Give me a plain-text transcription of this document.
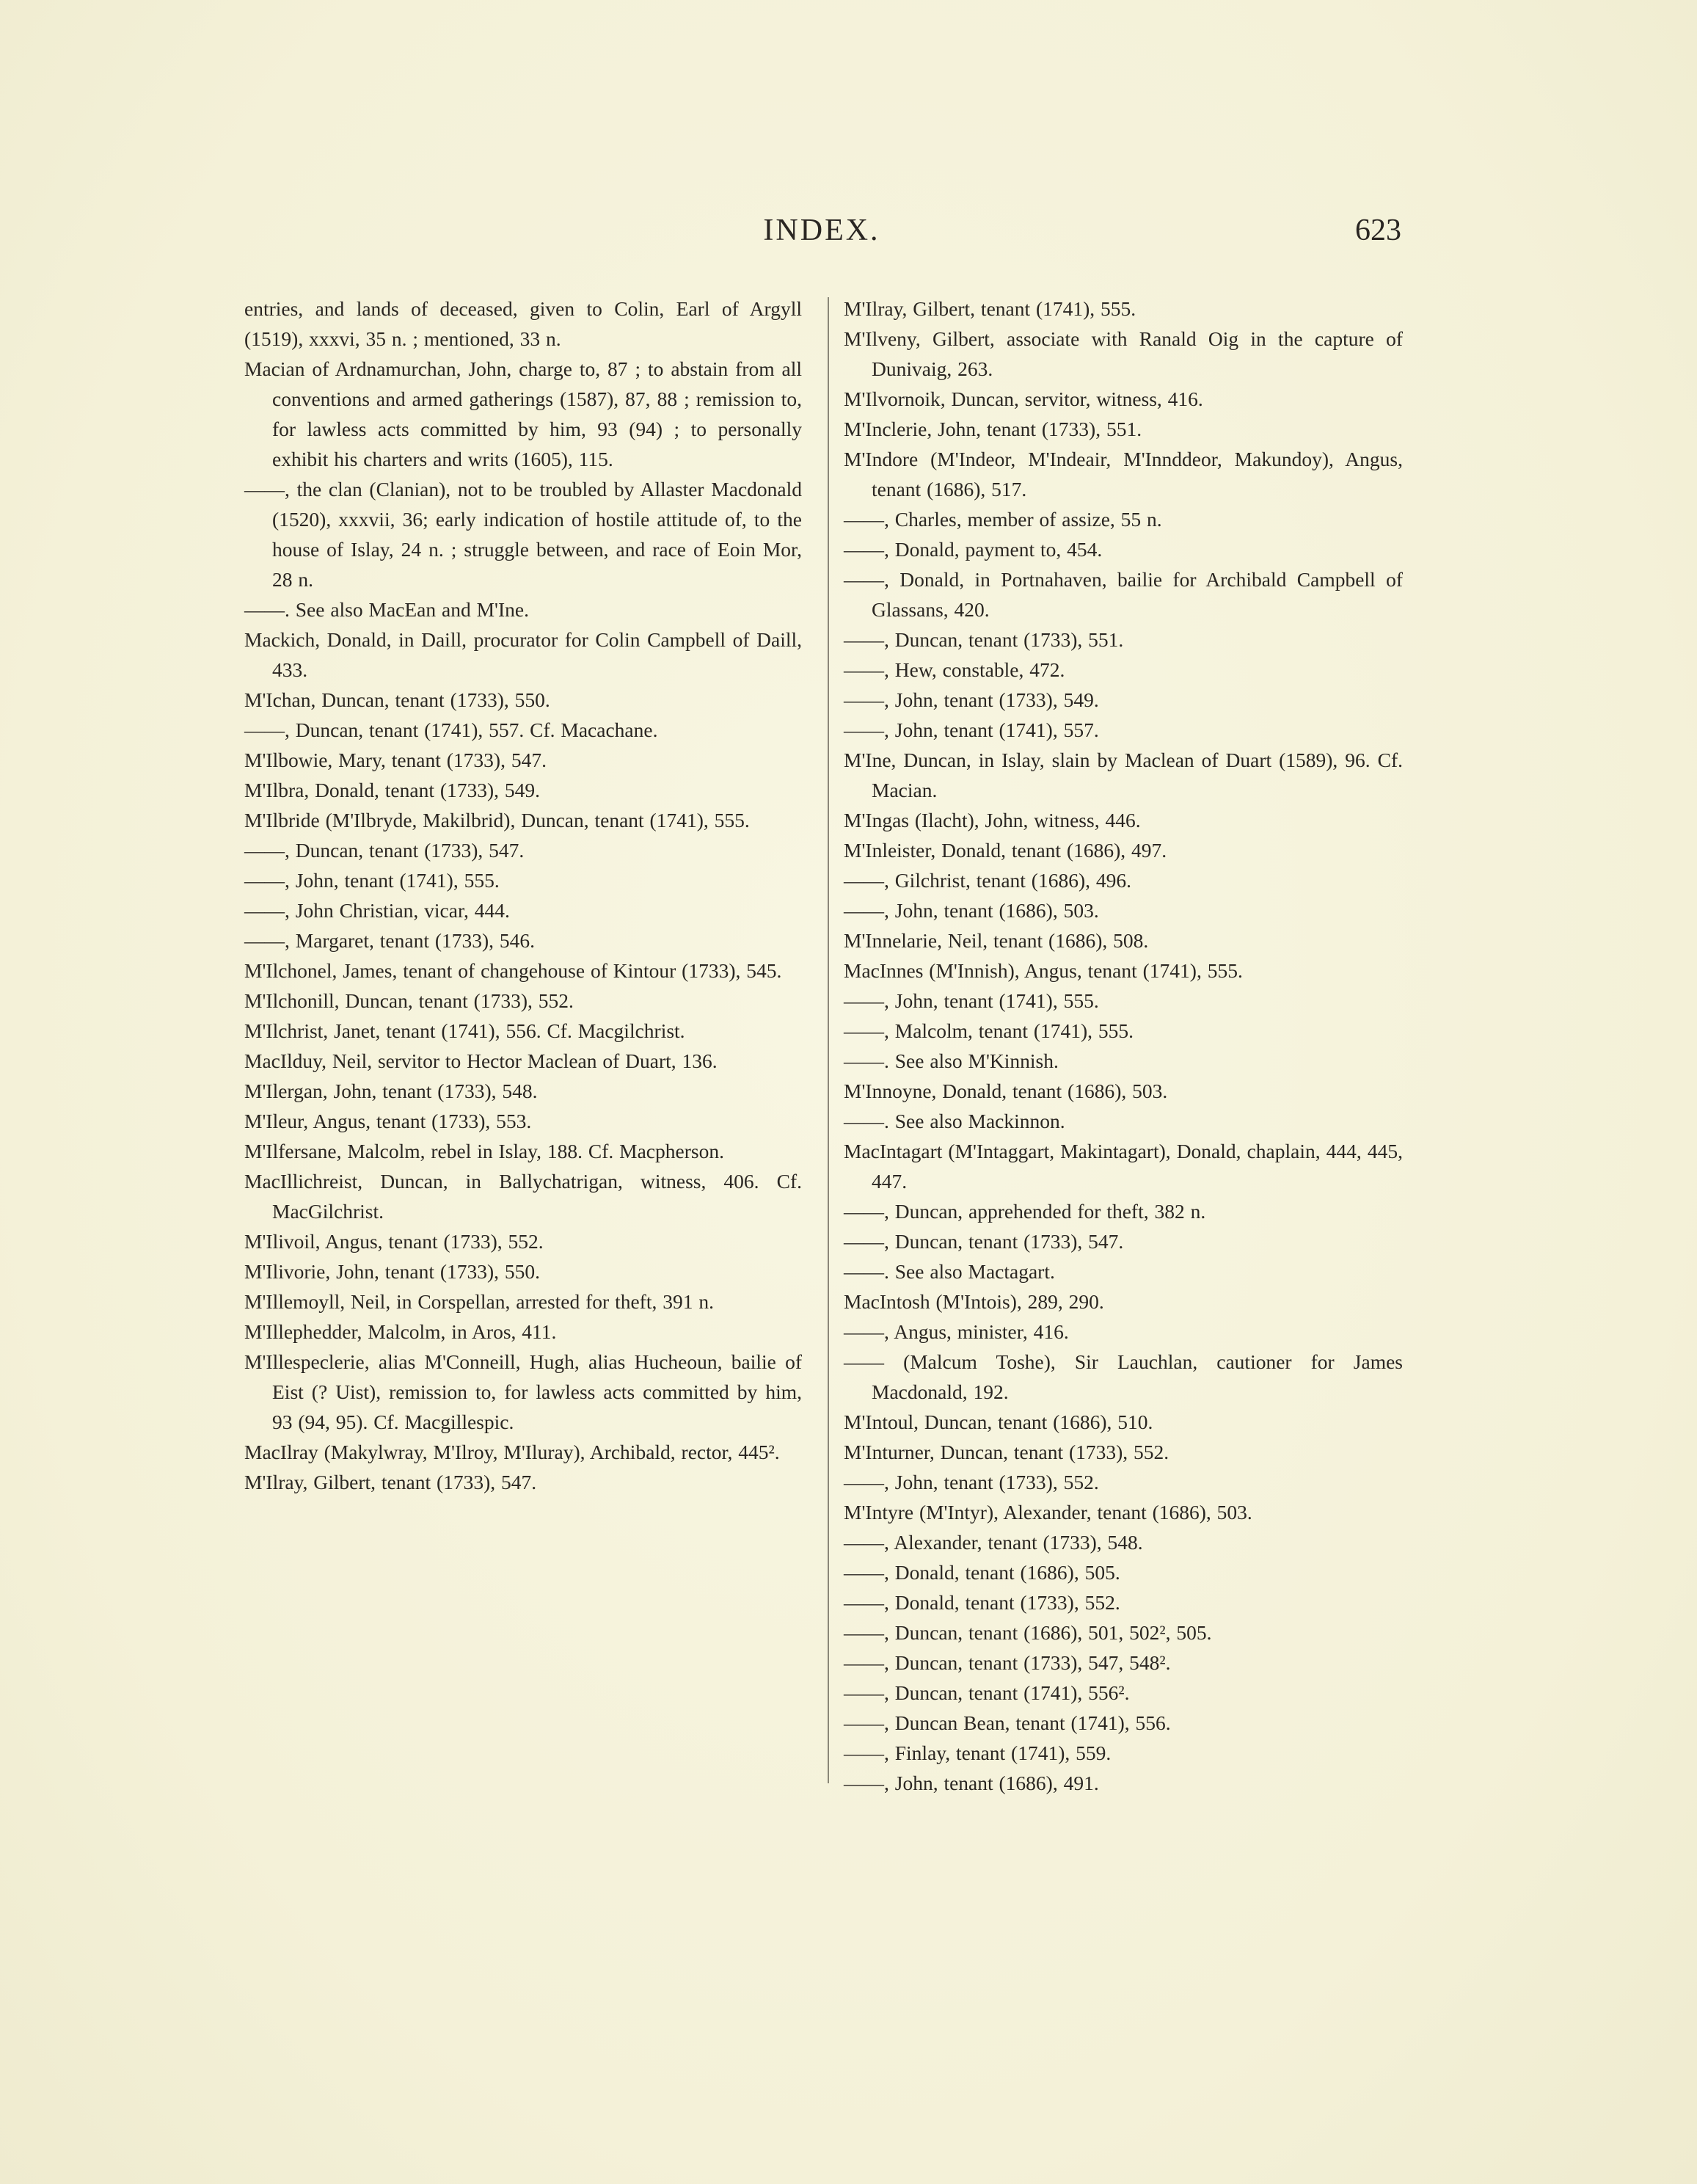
INDEX.	623

entries, and lands of deceased, given to Colin, Earl of Argyll (1519), xxxvi, 35 n. ; mentioned, 33 n.

Macian of Ardnamurchan, John, charge to, 87 ; to abstain from all conventions and armed gatherings (1587), 87, 88 ; remission to, for lawless acts committed by him, 93 (94) ; to personally exhibit his charters and writs (1605), 115.

——, the clan (Clanian), not to be troubled by Allaster Macdonald (1520), xxxvii, 36; early indication of hostile attitude of, to the house of Islay, 24 n. ; struggle between, and race of Eoin Mor, 28 n.

——. See also MacEan and M'Ine.

Mackich, Donald, in Daill, procurator for Colin Campbell of Daill, 433.

M'Ichan, Duncan, tenant (1733), 550.

——, Duncan, tenant (1741), 557. Cf. Macachane.

M'Ilbowie, Mary, tenant (1733), 547.

M'Ilbra, Donald, tenant (1733), 549.

M'Ilbride (M'Ilbryde, Makilbrid), Duncan, tenant (1741), 555.

——, Duncan, tenant (1733), 547.

——, John, tenant (1741), 555.

——, John Christian, vicar, 444.

——, Margaret, tenant (1733), 546.

M'Ilchonel, James, tenant of changehouse of Kintour (1733), 545.

M'Ilchonill, Duncan, tenant (1733), 552.

M'Ilchrist, Janet, tenant (1741), 556. Cf. Macgilchrist.

MacIlduy, Neil, servitor to Hector Maclean of Duart, 136.

M'Ilergan, John, tenant (1733), 548.

M'Ileur, Angus, tenant (1733), 553.

M'Ilfersane, Malcolm, rebel in Islay, 188. Cf. Macpherson.

MacIllichreist, Duncan, in Ballychatrigan, witness, 406. Cf. MacGilchrist.

M'Ilivoil, Angus, tenant (1733), 552.

M'Ilivorie, John, tenant (1733), 550.

M'Illemoyll, Neil, in Corspellan, arrested for theft, 391 n.

M'Illephedder, Malcolm, in Aros, 411.

M'Illespeclerie, alias M'Conneill, Hugh, alias Hucheoun, bailie of Eist (? Uist), remission to, for lawless acts committed by him, 93 (94, 95). Cf. Macgillespic.

MacIlray (Makylwray, M'Ilroy, M'Iluray), Archibald, rector, 445².

M'Ilray, Gilbert, tenant (1733), 547.

M'Ilray, Gilbert, tenant (1741), 555.

M'Ilveny, Gilbert, associate with Ranald Oig in the capture of Dunivaig, 263.

M'Ilvornoik, Duncan, servitor, witness, 416.

M'Inclerie, John, tenant (1733), 551.

M'Indore (M'Indeor, M'Indeair, M'Innddeor, Makundoy), Angus, tenant (1686), 517.

——, Charles, member of assize, 55 n.

——, Donald, payment to, 454.

——, Donald, in Portnahaven, bailie for Archibald Campbell of Glassans, 420.

——, Duncan, tenant (1733), 551.

——, Hew, constable, 472.

——, John, tenant (1733), 549.

——, John, tenant (1741), 557.

M'Ine, Duncan, in Islay, slain by Maclean of Duart (1589), 96. Cf. Macian.

M'Ingas (Ilacht), John, witness, 446.

M'Inleister, Donald, tenant (1686), 497.

——, Gilchrist, tenant (1686), 496.

——, John, tenant (1686), 503.

M'Innelarie, Neil, tenant (1686), 508.

MacInnes (M'Innish), Angus, tenant (1741), 555.

——, John, tenant (1741), 555.

——, Malcolm, tenant (1741), 555.

——. See also M'Kinnish.

M'Innoyne, Donald, tenant (1686), 503.

——. See also Mackinnon.

MacIntagart (M'Intaggart, Makintagart), Donald, chaplain, 444, 445, 447.

——, Duncan, apprehended for theft, 382 n.

——, Duncan, tenant (1733), 547.

——. See also Mactagart.

MacIntosh (M'Intois), 289, 290.

——, Angus, minister, 416.

—— (Malcum Toshe), Sir Lauchlan, cautioner for James Macdonald, 192.

M'Intoul, Duncan, tenant (1686), 510.

M'Inturner, Duncan, tenant (1733), 552.

——, John, tenant (1733), 552.

M'Intyre (M'Intyr), Alexander, tenant (1686), 503.

——, Alexander, tenant (1733), 548.

——, Donald, tenant (1686), 505.

——, Donald, tenant (1733), 552.

——, Duncan, tenant (1686), 501, 502², 505.

——, Duncan, tenant (1733), 547, 548².

——, Duncan, tenant (1741), 556².

——, Duncan Bean, tenant (1741), 556.

——, Finlay, tenant (1741), 559.

——, John, tenant (1686), 491.
